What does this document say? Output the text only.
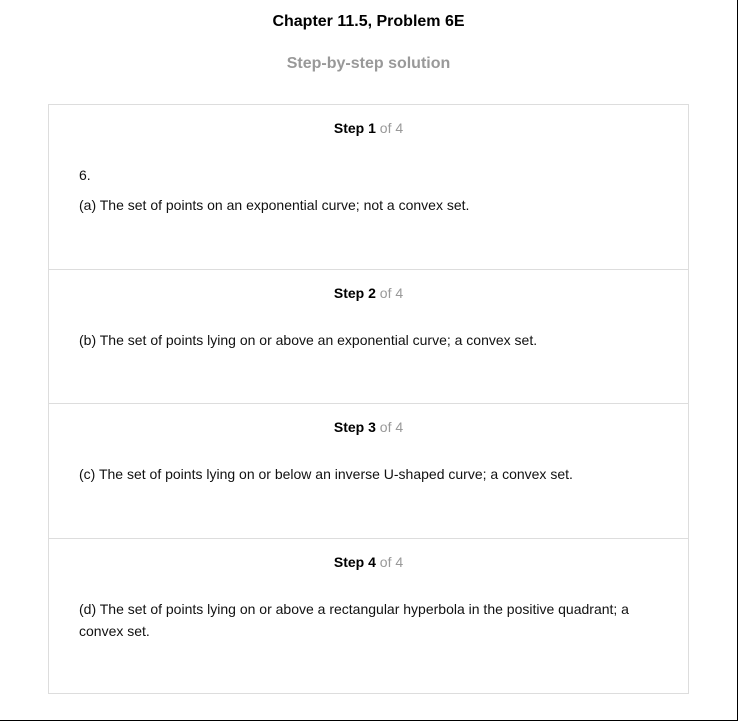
Chapter 11.5, Problem 6E
Step-by-step solution
Step 1 of 4

6.

(a) The set of points on an exponential curve; not a convex set.

Step 2 of 4

(b) The set of points lying on or above an exponential curve; a convex set.

Step 3 of 4

(c) The set of points lying on or below an inverse U-shaped curve; a convex set.

Step 4 of 4

(d) The set of points lying on or above a rectangular hyperbola in the positive quadrant; a convex set.
